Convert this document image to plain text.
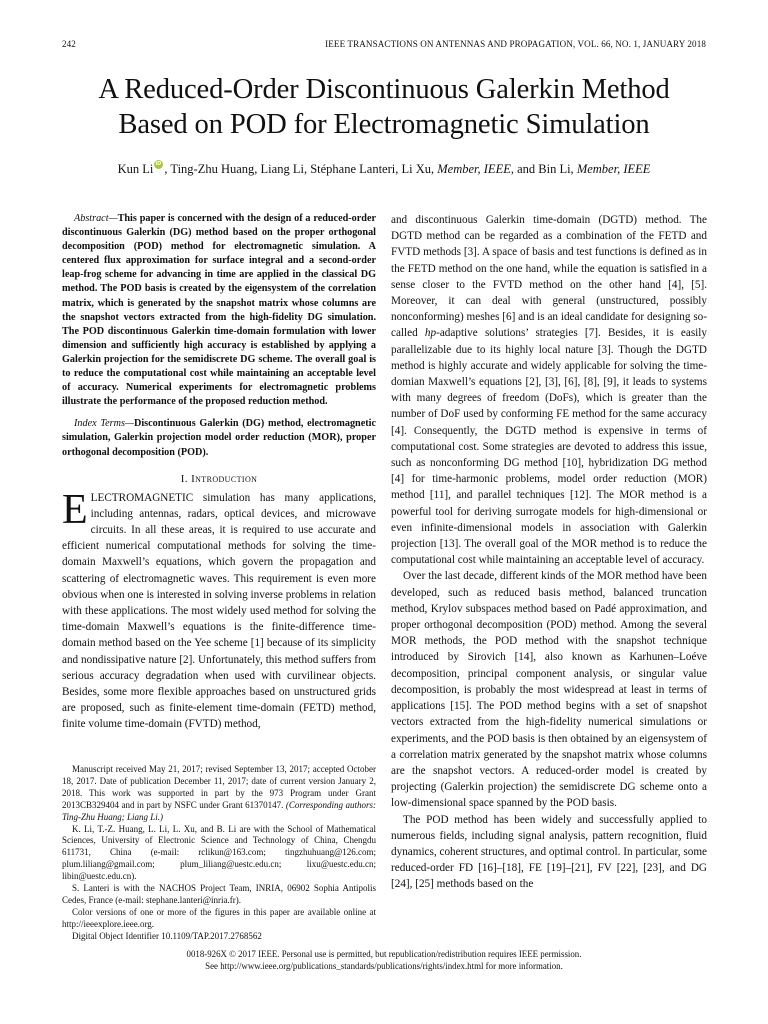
242	IEEE TRANSACTIONS ON ANTENNAS AND PROPAGATION, VOL. 66, NO. 1, JANUARY 2018
A Reduced-Order Discontinuous Galerkin Method
Based on POD for Electromagnetic Simulation
Kun LiiD , Ting-Zhu Huang, Liang Li, Stéphane Lanteri, Li Xu, Member, IEEE, and Bin Li, Member, IEEE

Abstract—This paper is concerned with the design of a reduced-order discontinuous Galerkin (DG) method based on the proper orthogonal decomposition (POD) method for electromagnetic simulation. A centered flux approximation for surface integral and a second-order leap-frog scheme for advancing in time are applied in the classical DG method. The POD basis is created by the eigensystem of the correlation matrix, which is generated by the snapshot matrix whose columns are the snapshot vectors extracted from the high-fidelity DG simulation. The POD discontinuous Galerkin time-domain formulation with lower dimension and sufficiently high accuracy is established by applying a Galerkin projection for the semidiscrete DG scheme. The overall goal is to reduce the computational cost while maintaining an acceptable level of accuracy. Numerical experiments for electromagnetic problems illustrate the performance of the proposed reduction method.

Index Terms—Discontinuous Galerkin (DG) method, electromagnetic simulation, Galerkin projection model order reduction (MOR), proper orthogonal decomposition (POD).

I. Introduction

ELECTROMAGNETIC simulation has many applications, including antennas, radars, optical devices, and microwave circuits. In all these areas, it is required to use accurate and efficient numerical computational methods for solving the time-domain Maxwell’s equations, which govern the propagation and scattering of electromagnetic waves. This requirement is even more obvious when one is interested in solving inverse problems in relation with these applications. The most widely used method for solving the time-domain Maxwell’s equations is the finite-difference time-domain method based on the Yee scheme [1] because of its simplicity and nondissipative nature [2]. Unfortunately, this method suffers from serious accuracy degradation when used with curvilinear objects. Besides, some more flexible approaches based on unstructured grids are proposed, such as finite-element time-domain (FETD) method, finite volume time-domain (FVTD) method,

Manuscript received May 21, 2017; revised September 13, 2017; accepted October 18, 2017. Date of publication December 11, 2017; date of current version January 2, 2018. This work was supported in part by the 973 Program under Grant 2013CB329404 and in part by NSFC under Grant 61370147. (Corresponding authors: Ting-Zhu Huang; Liang Li.)

K. Li, T.-Z. Huang, L. Li, L. Xu, and B. Li are with the School of Mathematical Sciences, University of Electronic Science and Technology of China, Chengdu 611731, China (e-mail: rclikun@163.com; tingzhuhuang@126.com; plum.liliang@gmail.com; plum_liliang@uestc.edu.cn; lixu@uestc.edu.cn; libin@uestc.edu.cn).

S. Lanteri is with the NACHOS Project Team, INRIA, 06902 Sophia Antipolis Cedes, France (e-mail: stephane.lanteri@inria.fr).

Color versions of one or more of the figures in this paper are available online at http://ieeexplore.ieee.org.

Digital Object Identifier 10.1109/TAP.2017.2768562

and discontinuous Galerkin time-domain (DGTD) method. The DGTD method can be regarded as a combination of the FETD and FVTD methods [3]. A space of basis and test functions is defined as in the FETD method on the one hand, while the equation is satisfied in a sense closer to the FVTD method on the other hand [4], [5]. Moreover, it can deal with general (unstructured, possibly nonconforming) meshes [6] and is an ideal candidate for designing so-called hp-adaptive solutions’ strategies [7]. Besides, it is easily parallelizable due to its highly local nature [3]. Though the DGTD method is highly accurate and widely applicable for solving the time-domian Maxwell’s equations [2], [3], [6], [8], [9], it leads to systems with many degrees of freedom (DoFs), which is greater than the number of DoF used by conforming FE method for the same accuracy [4]. Consequently, the DGTD method is expensive in terms of computational cost. Some strategies are devoted to address this issue, such as nonconforming DG method [10], hybridization DG method [4] for time-harmonic problems, model order reduction (MOR) method [11], and parallel techniques [12]. The MOR method is a powerful tool for deriving surrogate models for high-dimensional or even infinite-dimensional models in association with Galerkin projection [13]. The overall goal of the MOR method is to reduce the computational cost while maintaining an acceptable level of accuracy.

Over the last decade, different kinds of the MOR method have been developed, such as reduced basis method, balanced truncation method, Krylov subspaces method based on Padé approximation, and proper orthogonal decomposition (POD) method. Among the several MOR methods, the POD method with the snapshot technique introduced by Sirovich [14], also known as Karhunen–Loéve decomposition, principal component analysis, or singular value decomposition, is probably the most widespread at least in terms of applications [15]. The POD method begins with a set of snapshot vectors extracted from the high-fidelity numerical simulations or experiments, and the POD basis is then obtained by an eigensystem of a correlation matrix generated by the snapshot matrix whose columns are the snapshot vectors. A reduced-order model is created by projecting (Galerkin projection) the semidiscrete DG scheme onto a low-dimensional space spanned by the POD basis.

The POD method has been widely and successfully applied to numerous fields, including signal analysis, pattern recognition, fluid dynamics, coherent structures, and optimal control. In particular, some reduced-order FD [16]–[18], FE [19]–[21], FV [22], [23], and DG [24], [25] methods based on the

0018-926X © 2017 IEEE. Personal use is permitted, but republication/redistribution requires IEEE permission.
See http://www.ieee.org/publications_standards/publications/rights/index.html for more information.
